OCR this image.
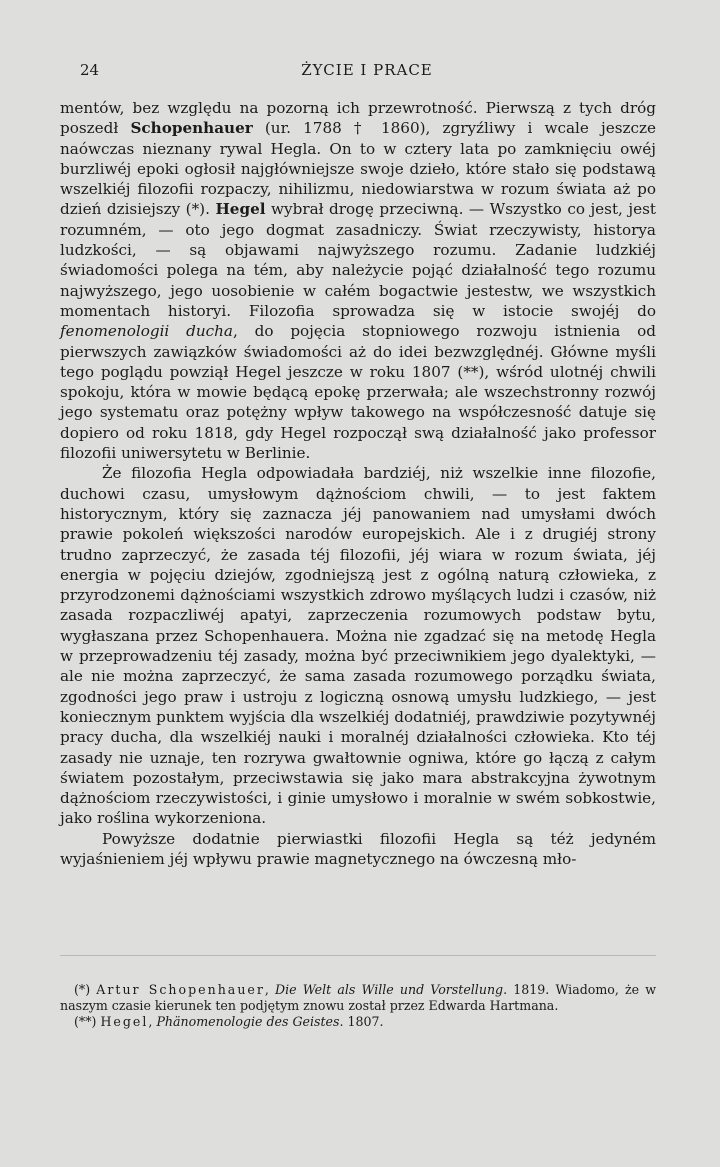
24	ŻYCIE I PRACE

mentów, bez względu na pozorną ich przewrotność. Pierwszą z tych dróg poszedł Schopenhauer (ur. 1788 † 1860), zgryźliwy i wcale jeszcze naówczas nieznany rywal Hegla. On to w cztery lata po zamknięciu owéj burzliwéj epoki ogłosił najgłówniejsze swoje dzieło, które stało się podstawą wszelkiéj filozofii rozpaczy, nihilizmu, niedowiarstwa w rozum świata aż po dzień dzisiejszy (*). Hegel wybrał drogę przeciwną. — Wszystko co jest, jest rozumném, — oto jego dogmat zasadniczy. Świat rzeczywisty, historya ludzkości, — są objawami najwyższego rozumu. Zadanie ludzkiéj świadomości polega na tém, aby należycie pojąć działalność tego rozumu najwyższego, jego uosobienie w całém bogactwie jestestw, we wszystkich momentach historyi. Filozofia sprowadza się w istocie swojéj do fenomenologii ducha, do pojęcia stopniowego rozwoju istnienia od pierwszych zawiązków świadomości aż do idei bezwzględnéj. Główne myśli tego poglądu powziął Hegel jeszcze w roku 1807 (**), wśród ulotnéj chwili spokoju, która w mowie będącą epokę przerwała; ale wszechstronny rozwój jego systematu oraz potężny wpływ takowego na współczesność datuje się dopiero od roku 1818, gdy Hegel rozpoczął swą działalność jako professor filozofii uniwersytetu w Berlinie.

Że filozofia Hegla odpowiadała bardziéj, niż wszelkie inne filozofie, duchowi czasu, umysłowym dążnościom chwili, — to jest faktem historycznym, który się zaznacza jéj panowaniem nad umysłami dwóch prawie pokoleń większości narodów europejskich. Ale i z drugiéj strony trudno zaprzeczyć, że zasada téj filozofii, jéj wiara w rozum świata, jéj energia w pojęciu dziejów, zgodniejszą jest z ogólną naturą człowieka, z przyrodzonemi dążnościami wszystkich zdrowo myślących ludzi i czasów, niż zasada rozpaczliwéj apatyi, zaprzeczenia rozumowych podstaw bytu, wygłaszana przez Schopenhauera. Można nie zgadzać się na metodę Hegla w przeprowadzeniu téj zasady, można być przeciwnikiem jego dyalektyki, — ale nie można zaprzeczyć, że sama zasada rozumowego porządku świata, zgodności jego praw i ustroju z logiczną osnową umysłu ludzkiego, — jest koniecznym punktem wyjścia dla wszelkiéj dodatniéj, prawdziwie pozytywnéj pracy ducha, dla wszelkiéj nauki i moralnéj działalności człowieka. Kto téj zasady nie uznaje, ten rozrywa gwałtownie ogniwa, które go łączą z całym światem pozostałym, przeciwstawia się jako mara abstrakcyjna żywotnym dążnościom rzeczywistości, i ginie umysłowo i moralnie w swém sobkostwie, jako roślina wykorzeniona.

Powyższe dodatnie pierwiastki filozofii Hegla są téż jedyném wyjaśnieniem jéj wpływu prawie magnetycznego na ówczesną mło-

(*) Artur Schopenhauer, Die Welt als Wille und Vorstellung. 1819. Wiadomo, że w naszym czasie kierunek ten podjętym znowu został przez Edwarda Hartmana.

(**) Hegel, Phänomenologie des Geistes. 1807.
